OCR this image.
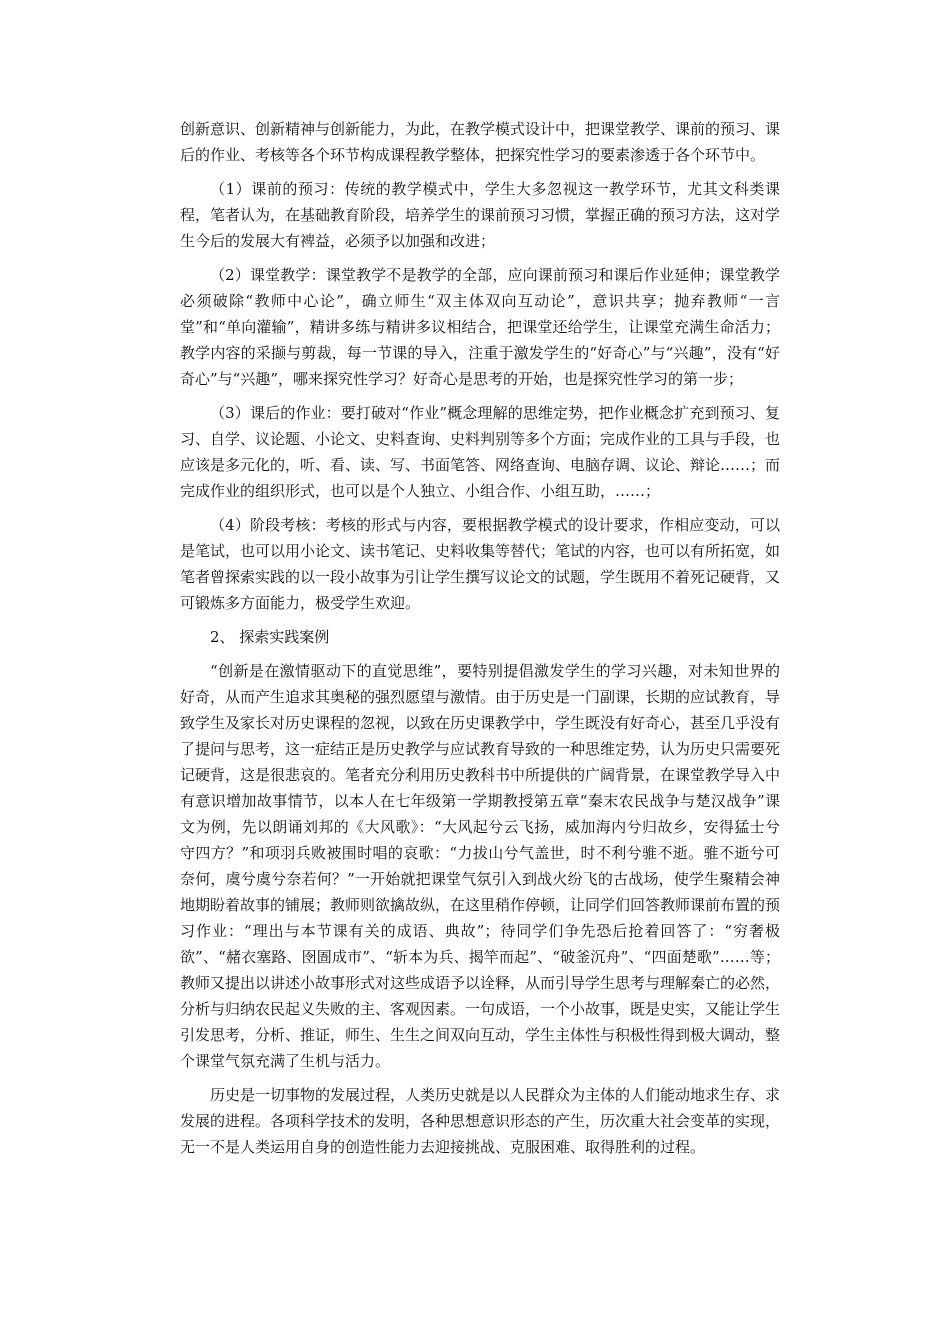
创新意识、创新精神与创新能力，为此，在教学模式设计中，把课堂教学、课前的预习、课后的作业、考核等各个环节构成课程教学整体，把探究性学习的要素渗透于各个环节中。

（1）课前的预习：传统的教学模式中，学生大多忽视这一教学环节，尤其文科类课程，笔者认为，在基础教育阶段，培养学生的课前预习习惯，掌握正确的预习方法，这对学生今后的发展大有裨益，必须予以加强和改进；

（2）课堂教学：课堂教学不是教学的全部，应向课前预习和课后作业延伸；课堂教学必须破除“教师中心论”，确立师生“双主体双向互动论”，意识共享；抛弃教师“一言堂”和“单向灌输”，精讲多练与精讲多议相结合，把课堂还给学生，让课堂充满生命活力；教学内容的采撷与剪裁，每一节课的导入，注重于激发学生的“好奇心”与“兴趣”，没有“好奇心”与“兴趣”，哪来探究性学习？好奇心是思考的开始，也是探究性学习的第一步；

（3）课后的作业：要打破对“作业”概念理解的思维定势，把作业概念扩充到预习、复习、自学、议论题、小论文、史料查询、史料判别等多个方面；完成作业的工具与手段，也应该是多元化的，听、看、读、写、书面笔答、网络查询、电脑存调、议论、辩论……；而完成作业的组织形式，也可以是个人独立、小组合作、小组互助，……；

（4）阶段考核：考核的形式与内容，要根据教学模式的设计要求，作相应变动，可以是笔试，也可以用小论文、读书笔记、史料收集等替代；笔试的内容，也可以有所拓宽，如笔者曾探索实践的以一段小故事为引让学生撰写议论文的试题，学生既用不着死记硬背，又可锻炼多方面能力，极受学生欢迎。

2、 探索实践案例

“创新是在激情驱动下的直觉思维”，要特别提倡激发学生的学习兴趣，对未知世界的好奇，从而产生追求其奥秘的强烈愿望与激情。由于历史是一门副课，长期的应试教育，导致学生及家长对历史课程的忽视，以致在历史课教学中，学生既没有好奇心，甚至几乎没有了提问与思考，这一症结正是历史教学与应试教育导致的一种思维定势，认为历史只需要死记硬背，这是很悲哀的。笔者充分利用历史教科书中所提供的广阔背景，在课堂教学导入中有意识增加故事情节，以本人在七年级第一学期教授第五章“秦末农民战争与楚汉战争”课文为例，先以朗诵刘邦的《大风歌》：“大风起兮云飞扬，威加海内兮归故乡，安得猛士兮守四方？”和项羽兵败被围时唱的哀歌：“力拔山兮气盖世，时不利兮骓不逝。骓不逝兮可奈何，虞兮虞兮奈若何？”一开始就把课堂气氛引入到战火纷飞的古战场，使学生聚精会神地期盼着故事的铺展；教师则欲擒故纵，在这里稍作停顿，让同学们回答教师课前布置的预习作业：“理出与本节课有关的成语、典故”；待同学们争先恐后抢着回答了：“穷奢极欲”、“赭衣塞路、囹圄成市”、“斩本为兵、揭竿而起”、“破釜沉舟”、“四面楚歌”……等；教师又提出以讲述小故事形式对这些成语予以诠释，从而引导学生思考与理解秦亡的必然，分析与归纳农民起义失败的主、客观因素。一句成语，一个小故事，既是史实，又能让学生引发思考，分析、推证，师生、生生之间双向互动，学生主体性与积极性得到极大调动，整个课堂气氛充满了生机与活力。

历史是一切事物的发展过程，人类历史就是以人民群众为主体的人们能动地求生存、求发展的进程。各项科学技术的发明，各种思想意识形态的产生，历次重大社会变革的实现，无一不是人类运用自身的创造性能力去迎接挑战、克服困难、取得胜利的过程。
